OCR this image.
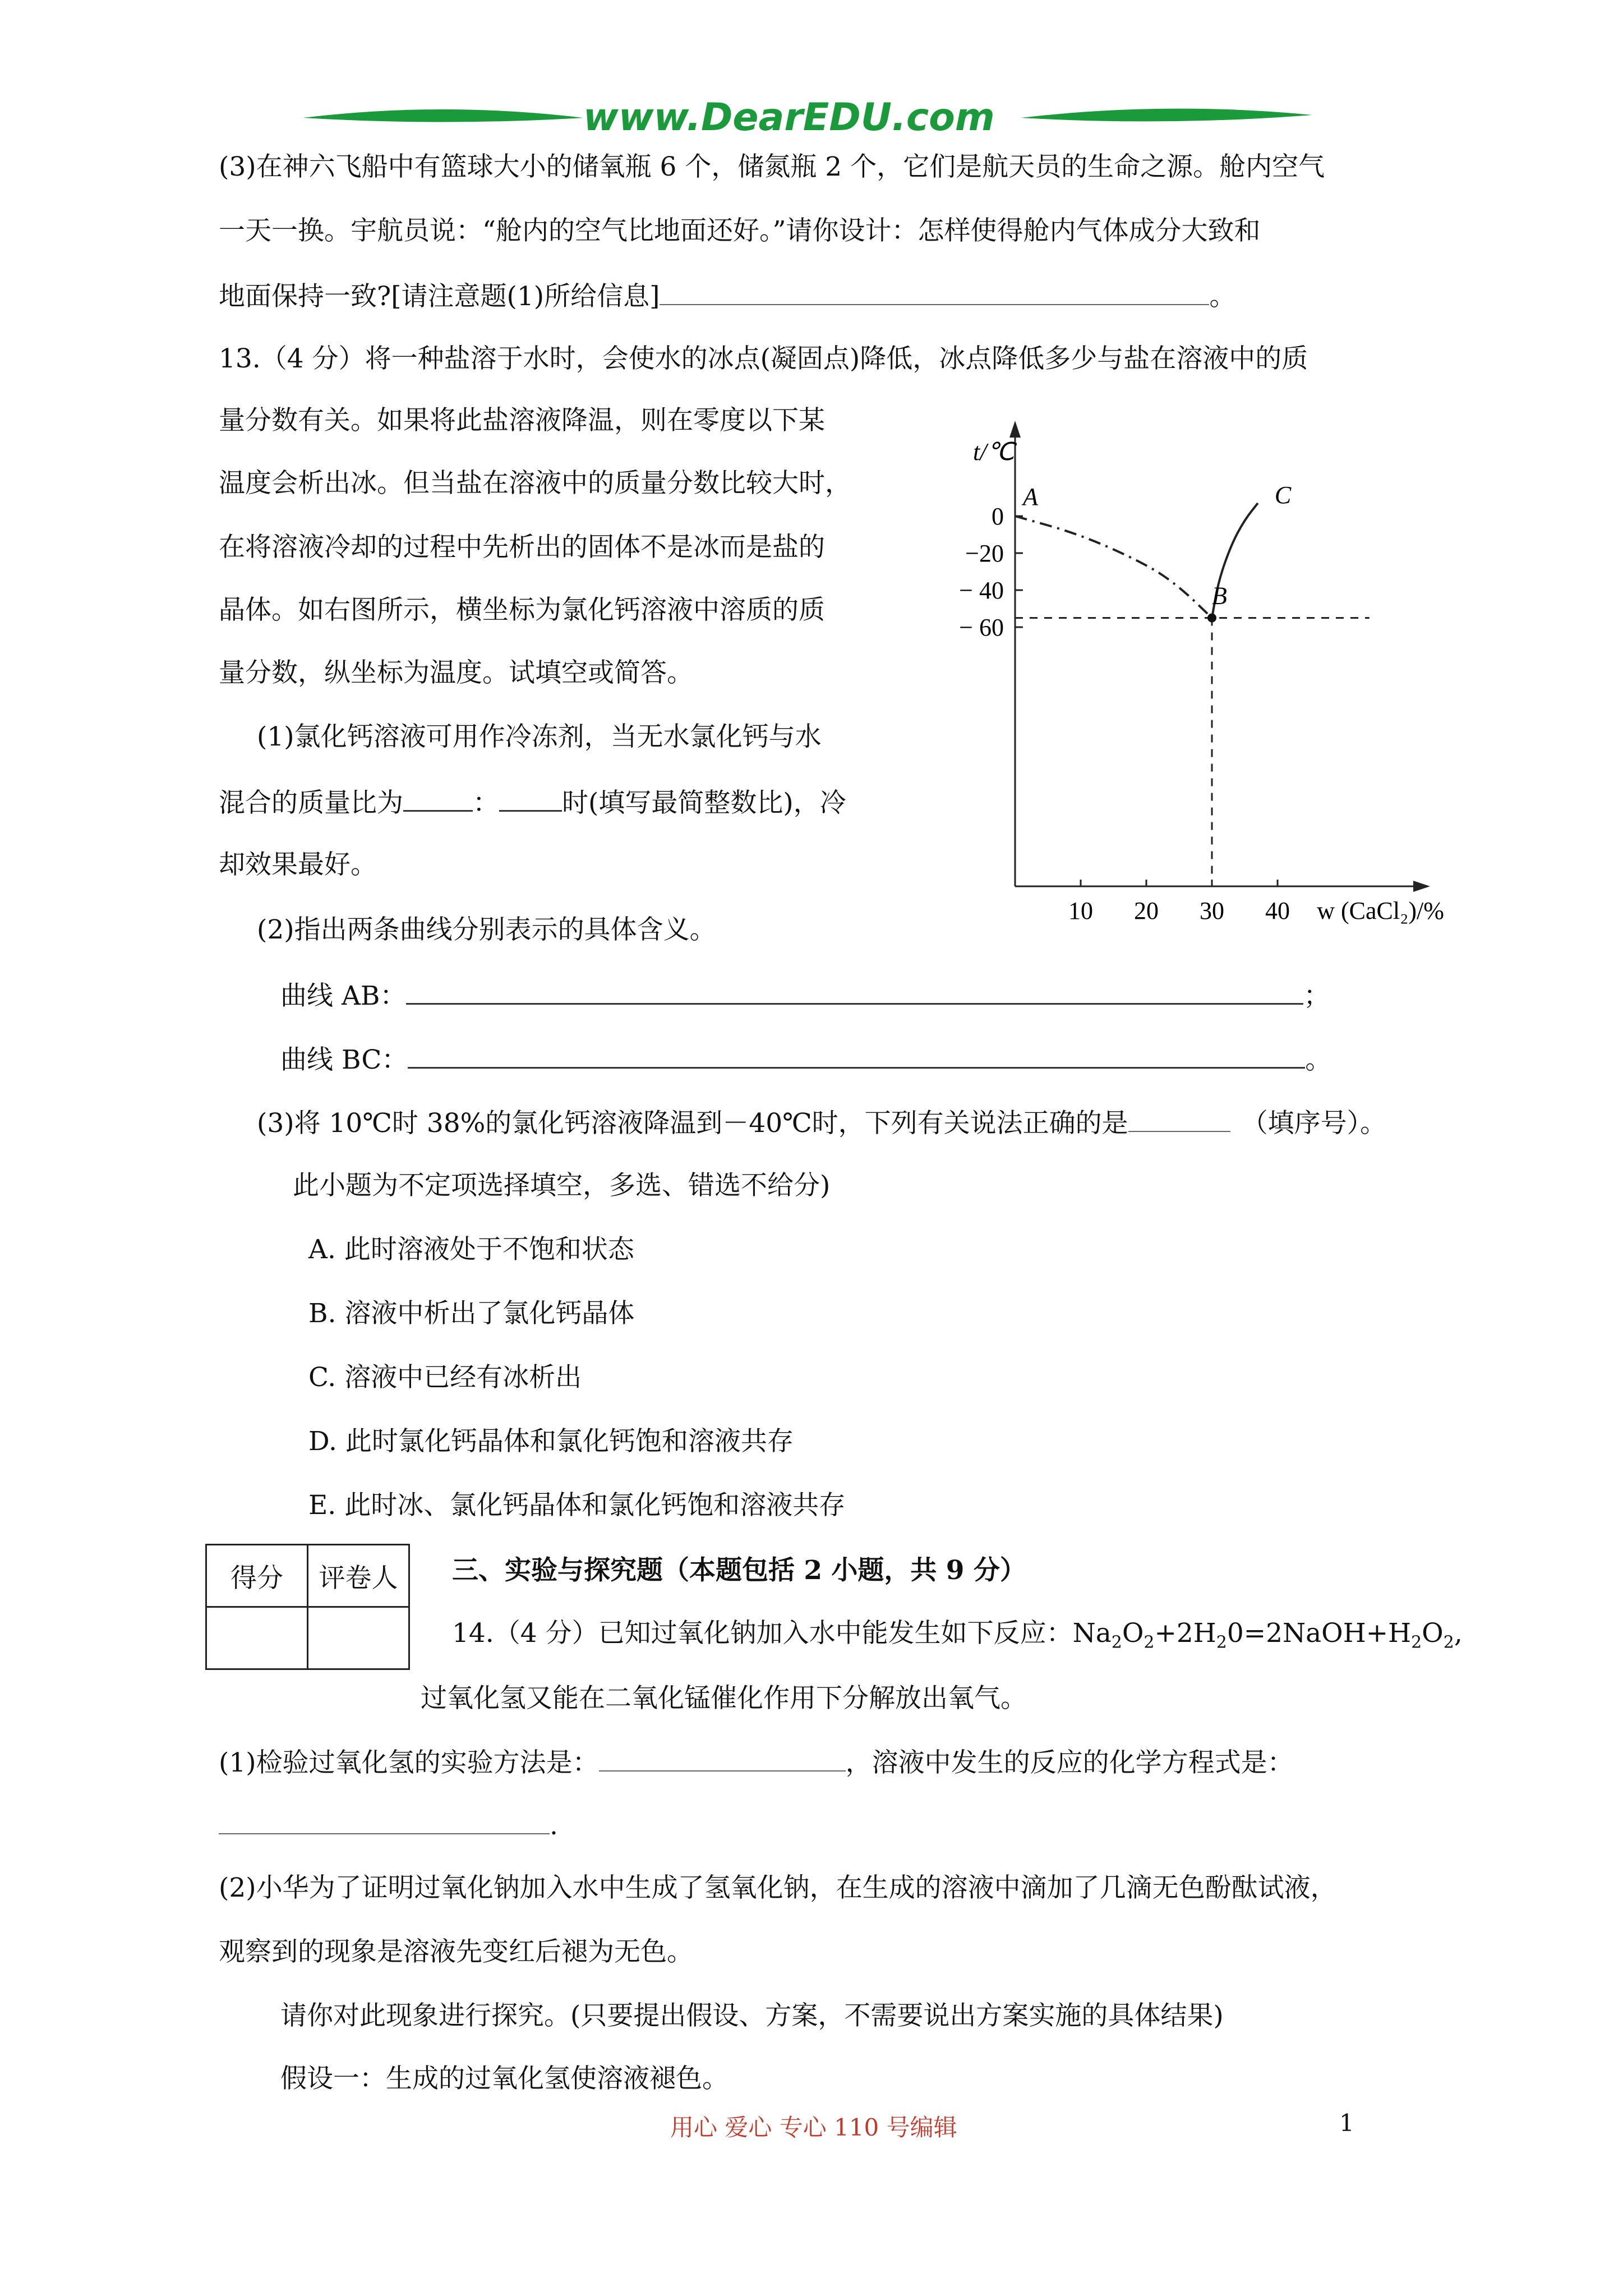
www.DearEDU.com
(3)在神六飞船中有篮球大小的储氧瓶 6 个，储氮瓶 2 个，它们是航天员的生命之源。舱内空气
一天一换。宇航员说：“舱内的空气比地面还好。”请你设计：怎样使得舱内气体成分大致和
地面保持一致?[请注意题(1)所给信息]	。
13.（4 分）将一种盐溶于水时，会使水的冰点(凝固点)降低，冰点降低多少与盐在溶液中的质
量分数有关。如果将此盐溶液降温，则在零度以下某
温度会析出冰。但当盐在溶液中的质量分数比较大时，
在将溶液冷却的过程中先析出的固体不是冰而是盐的
晶体。如右图所示，横坐标为氯化钙溶液中溶质的质
量分数，纵坐标为温度。试填空或简答。
(1)氯化钙溶液可用作冷冻剂，当无水氯化钙与水
混合的质量比为	： 时(填写最简整数比)，冷
却效果最好。
t/℃
0
−20
− 40
− 60
10 20 30 40 w (CaCl₂)/%
A
B
C
(2)指出两条曲线分别表示的具体含义。
曲线 AB：	；
曲线 BC：	。
(3)将 10℃时 38%的氯化钙溶液降温到－40℃时，下列有关说法正确的是	（填序号）。
此小题为不定项选择填空，多选、错选不给分)
A. 此时溶液处于不饱和状态
B. 溶液中析出了氯化钙晶体
C. 溶液中已经有冰析出
D. 此时氯化钙晶体和氯化钙饱和溶液共存
E. 此时冰、氯化钙晶体和氯化钙饱和溶液共存
得分	评卷人
	三、实验与探究题（本题包括 2 小题，共 9 分）
14.（4 分）已知过氧化钠加入水中能发生如下反应：$Na_2O_2+2H_20=2NaOH+H_2O_2$,
过氧化氢又能在二氧化锰催化作用下分解放出氧气。
(1)检验过氧化氢的实验方法是：	，溶液中发生的反应的化学方程式是：
.
(2)小华为了证明过氧化钠加入水中生成了氢氧化钠，在生成的溶液中滴加了几滴无色酚酞试液，
观察到的现象是溶液先变红后褪为无色。
请你对此现象进行探究。(只要提出假设、方案，不需要说出方案实施的具体结果)
假设一：生成的过氧化氢使溶液褪色。
用心 爱心 专心 110 号编辑	1
